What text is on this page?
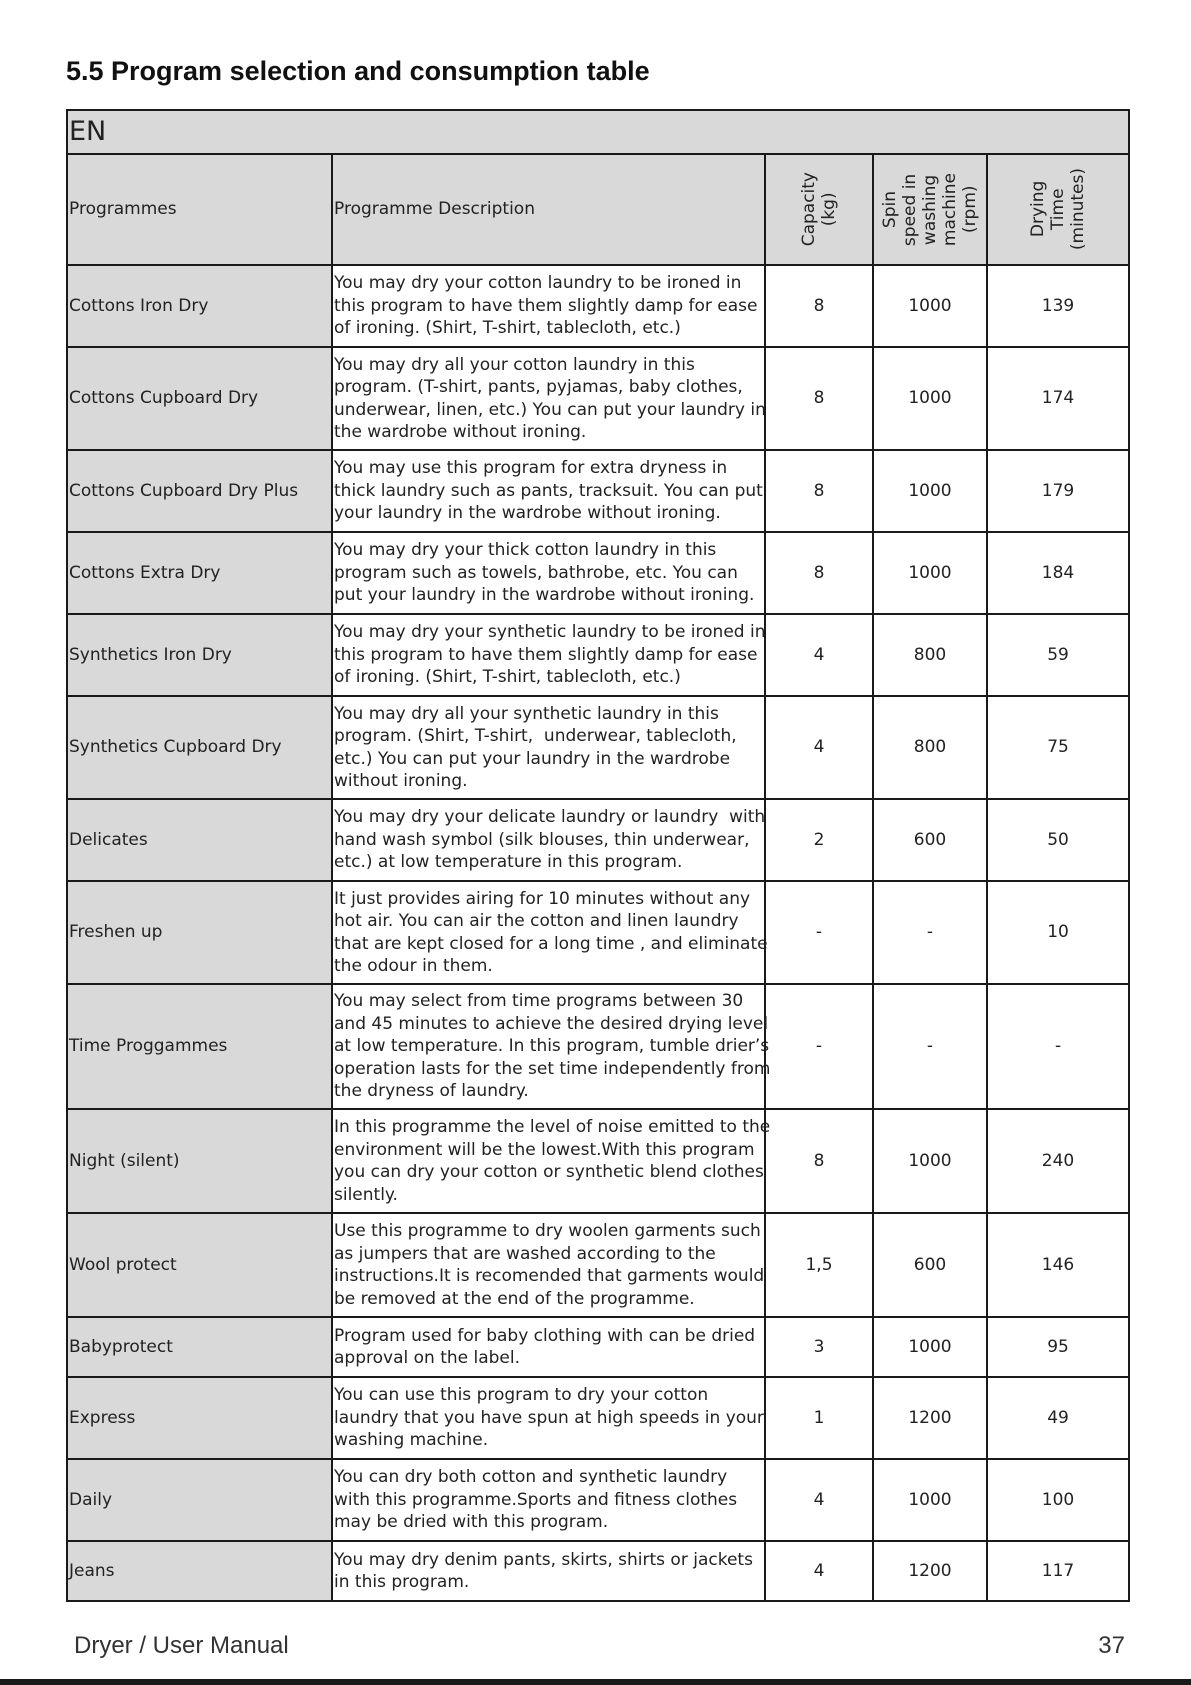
5.5 Program selection and consumption table
EN				
Programmes	Programme Description	Capacity (kg)	Spin speed in washing machine (rpm)	Drying Time (minutes)

Cottons Iron Dry	You may dry your cotton laundry to be ironed in
this program to have them slightly damp for ease
of ironing. (Shirt, T-shirt, tablecloth, etc.)	8	1000	139
Cottons Cupboard Dry	You may dry all your cotton laundry in this
program. (T-shirt, pants, pyjamas, baby clothes,
underwear, linen, etc.) You can put your laundry in
the wardrobe without ironing.	8	1000	174
Cottons Cupboard Dry Plus	You may use this program for extra dryness in
thick laundry such as pants, tracksuit. You can put
your laundry in the wardrobe without ironing.	8	1000	179
Cottons Extra Dry	You may dry your thick cotton laundry in this
program such as towels, bathrobe, etc. You can
put your laundry in the wardrobe without ironing.	8	1000	184
Synthetics Iron Dry	You may dry your synthetic laundry to be ironed in
this program to have them slightly damp for ease
of ironing. (Shirt, T-shirt, tablecloth, etc.)	4	800	59
Synthetics Cupboard Dry	You may dry all your synthetic laundry in this
program. (Shirt, T-shirt,  underwear, tablecloth,
etc.) You can put your laundry in the wardrobe
without ironing.	4	800	75
Delicates	You may dry your delicate laundry or laundry  with
hand wash symbol (silk blouses, thin underwear,
etc.) at low temperature in this program.	2	600	50
Freshen up	It just provides airing for 10 minutes without any
hot air. You can air the cotton and linen laundry
that are kept closed for a long time , and eliminate
the odour in them.	-	-	10
Time Proggammes	You may select from time programs between 30
and 45 minutes to achieve the desired drying level
at low temperature. In this program, tumble drier’s
operation lasts for the set time independently from
the dryness of laundry.	-	-	-
Night (silent)	In this programme the level of noise emitted to the
environment will be the lowest.With this program
you can dry your cotton or synthetic blend clothes
silently.	8	1000	240
Wool protect	Use this programme to dry woolen garments such
as jumpers that are washed according to the
instructions.It is recomended that garments would
be removed at the end of the programme.	1,5	600	146
Babyprotect	Program used for baby clothing with can be dried
approval on the label.	3	1000	95
Express	You can use this program to dry your cotton
laundry that you have spun at high speeds in your
washing machine.	1	1200	49
Daily	You can dry both cotton and synthetic laundry
with this programme.Sports and fitness clothes
may be dried with this program.	4	1000	100
Jeans	You may dry denim pants, skirts, shirts or jackets
in this program.	4	1200	117
Dryer / User Manual	37
